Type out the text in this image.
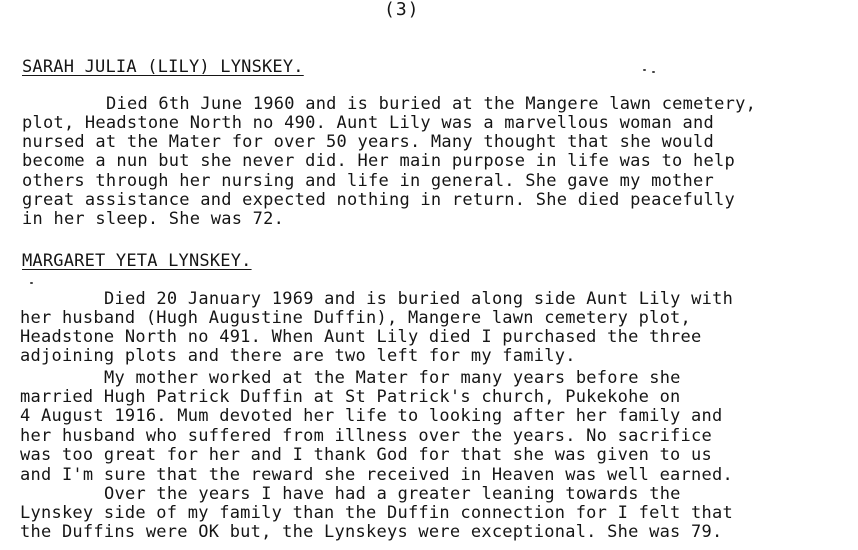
(3)
SARAH JULIA (LILY) LYNSKEY.
Died 6th June 1960 and is buried at the Mangere lawn cemetery,
plot, Headstone North no 490. Aunt Lily was a marvellous woman and
nursed at the Mater for over 50 years. Many thought that she would
become a nun but she never did. Her main purpose in life was to help
others through her nursing and life in general. She gave my mother
great assistance and expected nothing in return. She died peacefully
in her sleep. She was 72.
MARGARET YETA LYNSKEY.
Died 20 January 1969 and is buried along side Aunt Lily with
her husband (Hugh Augustine Duffin), Mangere lawn cemetery plot,
Headstone North no 491. When Aunt Lily died I purchased the three
adjoining plots and there are two left for my family.
My mother worked at the Mater for many years before she
married Hugh Patrick Duffin at St Patrick's church, Pukekohe on
4 August 1916. Mum devoted her life to looking after her family and
her husband who suffered from illness over the years. No sacrifice
was too great for her and I thank God for that she was given to us
and I'm sure that the reward she received in Heaven was well earned.
Over the years I have had a greater leaning towards the
Lynskey side of my family than the Duffin connection for I felt that
the Duffins were OK but, the Lynskeys were exceptional. She was 79.
